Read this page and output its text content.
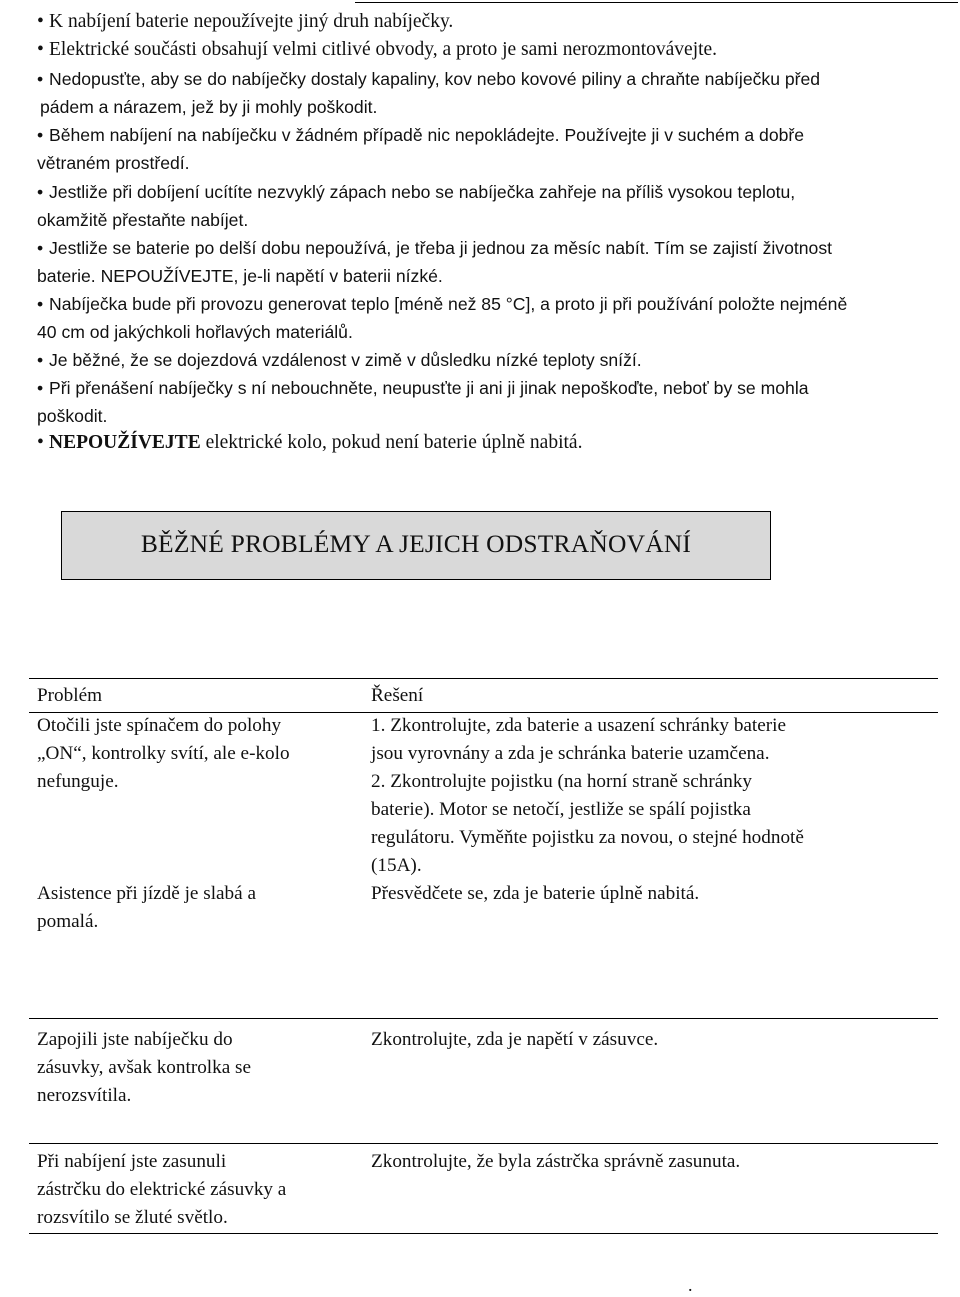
• K nabíjení baterie nepoužívejte jiný druh nabíječky.
• Elektrické součásti obsahují velmi citlivé obvody, a proto je sami nerozmontovávejte.
• Nedopusťte, aby se do nabíječky dostaly kapaliny, kov nebo kovové piliny a chraňte nabíječku před
pádem a nárazem, jež by ji mohly poškodit.
• Během nabíjení na nabíječku v žádném případě nic nepokládejte. Používejte ji v suchém a dobře
větraném prostředí.
• Jestliže při dobíjení ucítíte nezvyklý zápach nebo se nabíječka zahřeje na příliš vysokou teplotu,
okamžitě přestaňte nabíjet.
• Jestliže se baterie po delší dobu nepoužívá, je třeba ji jednou za měsíc nabít. Tím se zajistí životnost
baterie. NEPOUŽÍVEJTE, je-li napětí v baterii nízké.
• Nabíječka bude při provozu generovat teplo [méně než 85 °C], a proto ji při používání položte nejméně
40 cm od jakýchkoli hořlavých materiálů.
• Je běžné, že se dojezdová vzdálenost v zimě v důsledku nízké teploty sníží.
• Při přenášení nabíječky s ní nebouchněte, neupusťte ji ani ji jinak nepoškoďte, neboť by se mohla
poškodit.
• NEPOUŽÍVEJTE elektrické kolo, pokud není baterie úplně nabitá.
BĚŽNÉ PROBLÉMY A JEJICH ODSTRAŇOVÁNÍ
Problém	Řešení
Otočili jste spínačem do polohy
„ON“, kontrolky svítí, ale e-kolo
nefunguje.
1. Zkontrolujte, zda baterie a usazení schránky baterie
jsou vyrovnány a zda je schránka baterie uzamčena.
2. Zkontrolujte pojistku (na horní straně schránky
baterie). Motor se netočí, jestliže se spálí pojistka
regulátoru. Vyměňte pojistku za novou, o stejné hodnotě
(15A).
Asistence při jízdě je slabá a
pomalá.
Přesvědčete se, zda je baterie úplně nabitá.
Zapojili jste nabíječku do
zásuvky, avšak kontrolka se
nerozsvítila.
Zkontrolujte, zda je napětí v zásuvce.
Při nabíjení jste zasunuli
zástrčku do elektrické zásuvky a
rozsvítilo se žluté světlo.
Zkontrolujte, že byla zástrčka správně zasunuta.
.
